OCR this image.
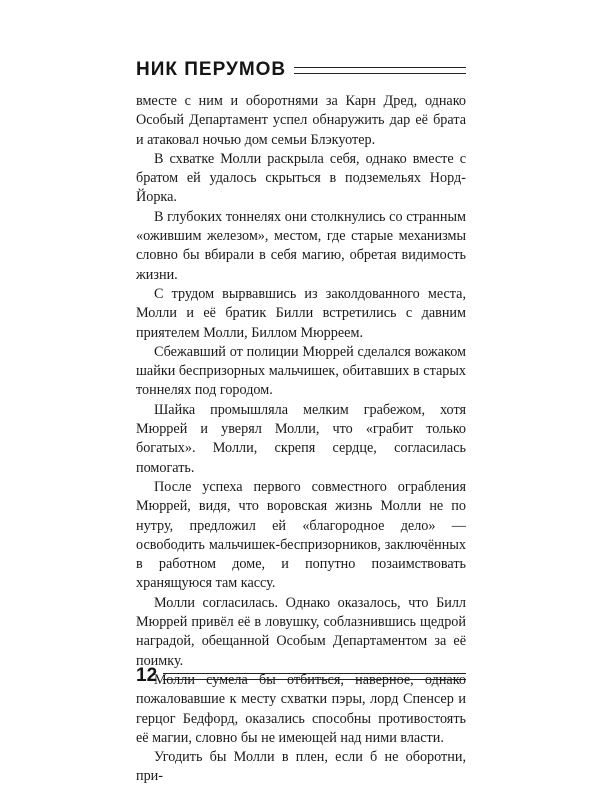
НИК ПЕРУМОВ

вместе с ним и оборотнями за Карн Дред, однако Особый Департамент успел обнаружить дар её брата и атаковал ночью дом семьи Блэкуотер.

В схватке Молли раскрыла себя, однако вместе с братом ей удалось скрыться в подземельях Норд-Йорка.

В глубоких тоннелях они столкнулись со странным «ожившим железом», местом, где старые механизмы словно бы вбирали в себя магию, обретая видимость жизни.

С трудом вырвавшись из заколдованного места, Молли и её братик Билли встретились с давним приятелем Молли, Биллом Мюрреем.

Сбежавший от полиции Мюррей сделался вожаком шайки беспризорных мальчишек, обитавших в старых тоннелях под городом.

Шайка промышляла мелким грабежом, хотя Мюррей и уверял Молли, что «грабит только богатых». Молли, скрепя сердце, согласилась помогать.

После успеха первого совместного ограбления Мюррей, видя, что воровская жизнь Молли не по нутру, предложил ей «благородное дело» — освободить мальчишек-беспризорников, заключённых в работном доме, и попутно позаимствовать хранящуюся там кассу.

Молли согласилась. Однако оказалось, что Билл Мюррей привёл её в ловушку, соблазнившись щедрой наградой, обещанной Особым Департаментом за её поимку.

Молли сумела бы отбиться, наверное, однако пожаловавшие к месту схватки пэры, лорд Спенсер и герцог Бедфорд, оказались способны противостоять её магии, словно бы не имеющей над ними власти.

Угодить бы Молли в плен, если б не оборотни, при-

12
